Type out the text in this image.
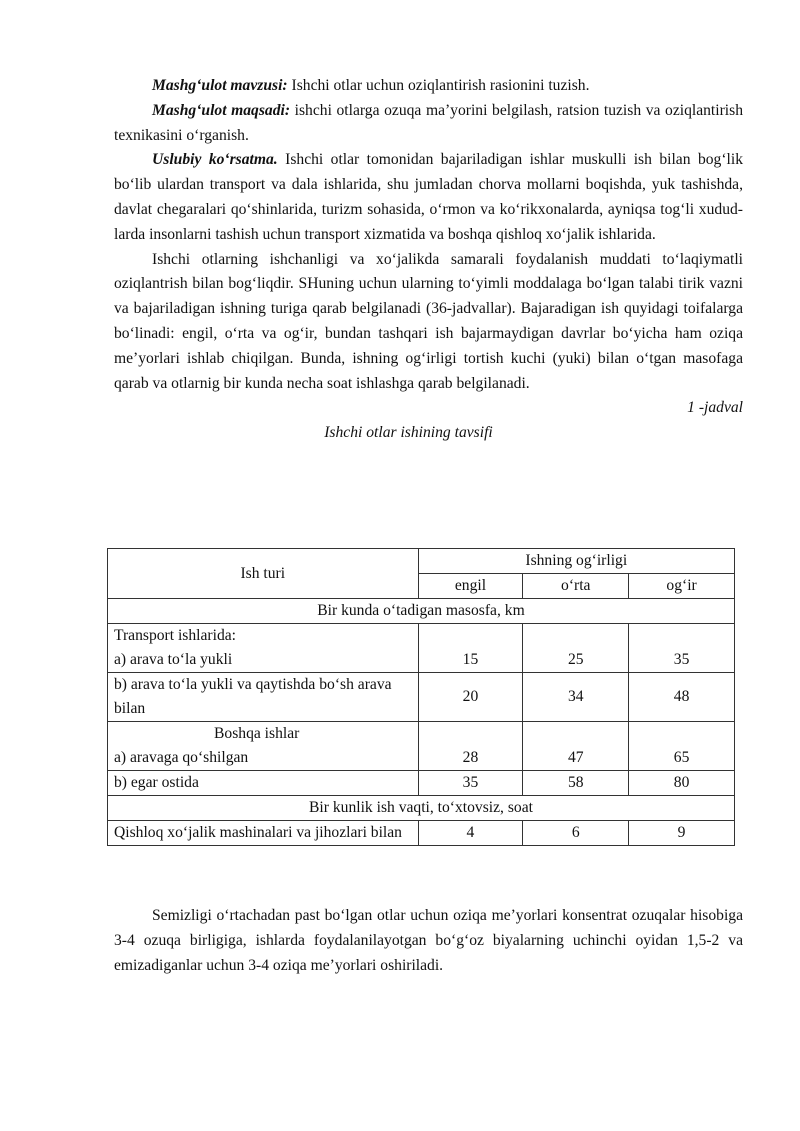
Mashg‘ulot mavzusi: Ishchi otlar uchun oziqlantirish rasionini tuzish.

Mashg‘ulot maqsadi: ishchi otlarga ozuqa ma’yorini belgilash, ratsion tuzish va oziqlantirish texnikasini o‘rganish.

Uslubiy ko‘rsatma. Ishchi otlar tomonidan bajariladigan ishlar muskulli ish bilan bog‘lik bo‘lib ulardan transport va dala ishlarida, shu jumladan chorva mollarni boqishda, yuk tashishda, davlat chegaralari qo‘shinlarida, turizm sohasida, o‘rmon va ko‘rikxonalarda, ayniqsa tog‘li xududlarda insonlarni tashish uchun transport xizmatida va boshqa qishloq xo‘jalik ishlarida.

Ishchi otlarning ishchanligi va xo‘jalikda samarali foydalanish muddati to‘laqiymatli oziqlantrish bilan bog‘liqdir. SHuning uchun ularning to‘yimli moddalaga bo‘lgan talabi tirik vazni va bajariladigan ishning turiga qarab belgilanadi (36-jadvallar). Bajaradigan ish quyidagi toifalarga bo‘linadi: engil, o‘rta va og‘ir, bundan tashqari ish bajarmaydigan davrlar bo‘yicha ham oziqa me’yorlari ishlab chiqilgan. Bunda, ishning og‘irligi tortish kuchi (yuki) bilan o‘tgan masofaga qarab va otlarnig bir kunda necha soat ishlashga qarab belgilanadi.

1 -jadval

Ishchi otlar ishining tavsifi

Ish turi	Ishning og‘irligi		
	engil	o‘rta	og‘ir
Bir kunda o‘tadigan masosfa, km			

Transport ishlarida:
a) arava to‘la yukli	15	25	35
b) arava to‘la yukli va qaytishda bo‘sh arava bilan	20	34	48

Boshqa ishlar
a) aravaga qo‘shilgan	28	47	65
b) egar ostida	35	58	80
Bir kunlik ish vaqti, to‘xtovsiz, soat			
Qishloq xo‘jalik mashinalari va jihozlari bilan	4	6	9

Semizligi o‘rtachadan past bo‘lgan otlar uchun oziqa me’yorlari konsentrat ozuqalar hisobiga 3-4 ozuqa birligiga, ishlarda foydalanilayotgan bo‘g‘oz biyalarning uchinchi oyidan 1,5-2 va emizadiganlar uchun 3-4 oziqa me’yorlari oshiriladi.
